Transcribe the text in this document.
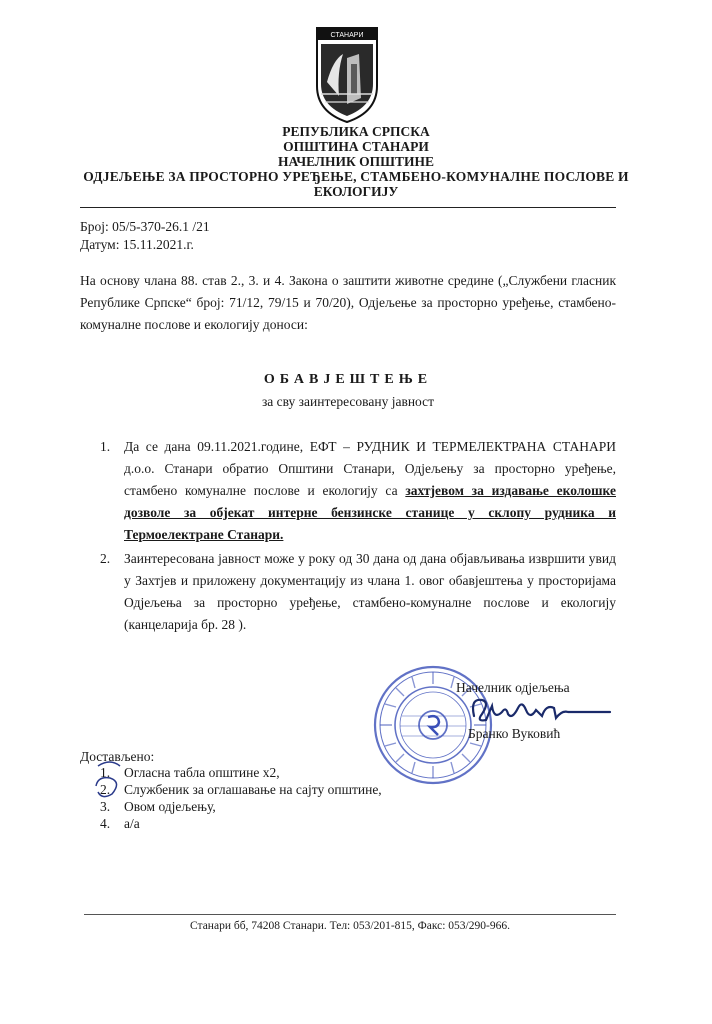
СТАНАРИ
РЕПУБЛИКА СРПСКА
ОПШТИНА СТАНАРИ
НАЧЕЛНИК ОПШТИНЕ
ОДЈЕЉЕЊЕ ЗА ПРОСТОРНО УРЕЂЕЊЕ, СТАМБЕНО-КОМУНАЛНЕ ПОСЛОВЕ И
ЕКОЛОГИЈУ
Број: 05/5-370-26.1 /21
Датум: 15.11.2021.г.
На основу члана 88. став 2., 3. и 4. Закона о заштити животне средине („Службени гласник Републике Српске“ број: 71/12, 79/15 и 70/20), Одјељење за просторно уређење, стамбено-комуналне послове и екологију доноси:
ОБАВЈЕШТЕЊЕ
за сву заинтересовану јавност
1. Да се дана 09.11.2021.године, ЕФТ – РУДНИК И ТЕРМЕЛЕКТРАНА СТАНАРИ д.о.о. Станари обратио Општини Станари, Одјељењу за просторно уређење, стамбено комуналне послове и екологију са захтјевом за издавање еколошке дозволе за објекат интерне бензинске станице у склопу рудника и Термоелектране Станари.
2. Заинтересована јавност може у року од 30 дана од дана објављивања извршити увид у Захтјев и приложену документацију из члана 1. овог обавјештења у просторијама Одјељења за просторно уређење, стамбено-комуналне послове и екологију (канцеларија бр. 28 ).
Начелник одјељења
Бранко Вуковић
Достављено:
1. Огласна табла општине х2,
2. Службеник за оглашавање на сајту општине,
3. Овом одјељењу,
4. а/а
Станари бб, 74208 Станари. Тел: 053/201-815, Факс: 053/290-966.
